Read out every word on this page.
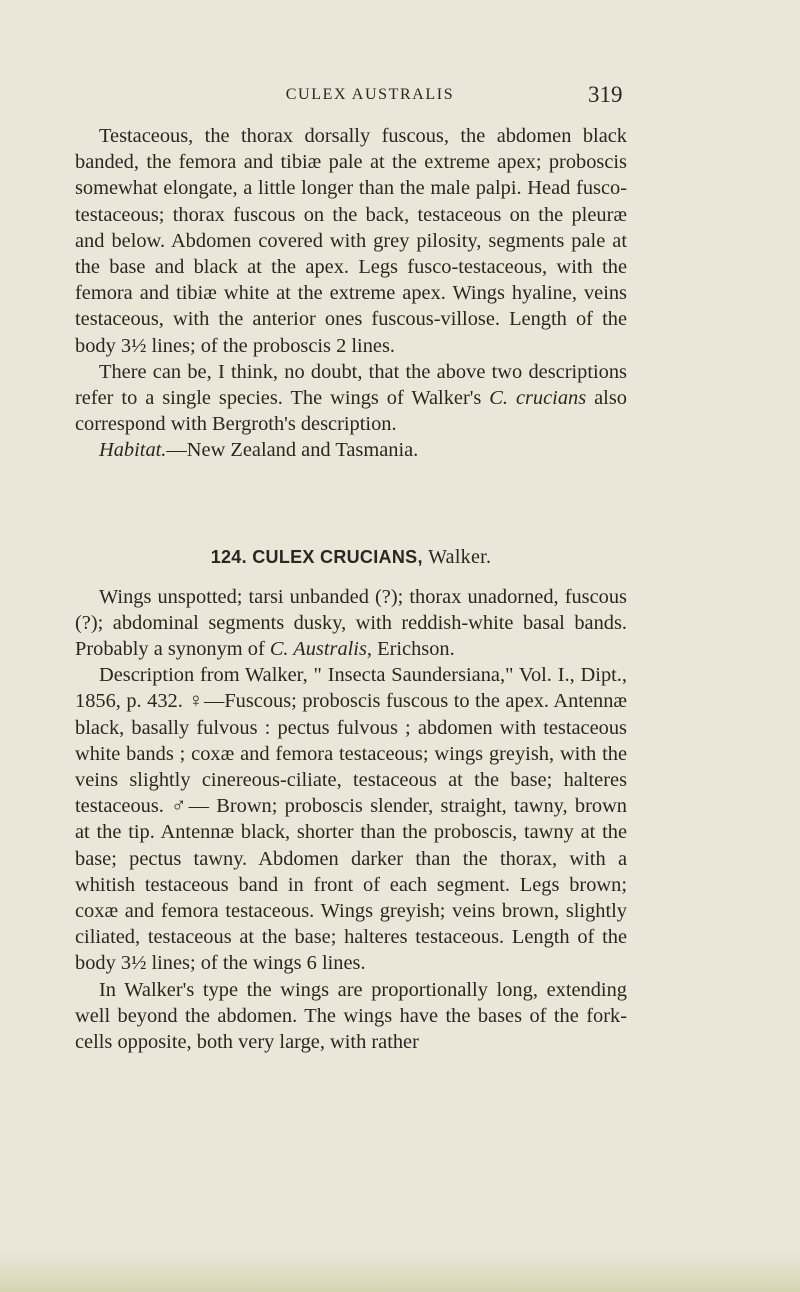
CULEX AUSTRALIS	319

Testaceous, the thorax dorsally fuscous, the abdomen black banded, the femora and tibiæ pale at the extreme apex; proboscis somewhat elongate, a little longer than the male palpi. Head fusco-testaceous; thorax fuscous on the back, testaceous on the pleuræ and below. Abdomen covered with grey pilosity, segments pale at the base and black at the apex. Legs fusco-testaceous, with the femora and tibiæ white at the extreme apex. Wings hyaline, veins testaceous, with the anterior ones fuscous-villose. Length of the body 3½ lines; of the proboscis 2 lines.

There can be, I think, no doubt, that the above two descriptions refer to a single species. The wings of Walker's C. crucians also correspond with Bergroth's description.

Habitat.—New Zealand and Tasmania.

124. CULEX CRUCIANS, Walker.

Wings unspotted; tarsi unbanded (?); thorax unadorned, fuscous (?); abdominal segments dusky, with reddish-white basal bands. Probably a synonym of C. Australis, Erichson.

Description from Walker, " Insecta Saundersiana," Vol. I., Dipt., 1856, p. 432. ♀—Fuscous; proboscis fuscous to the apex. Antennæ black, basally fulvous : pectus fulvous ; abdomen with testaceous white bands ; coxæ and femora testaceous; wings greyish, with the veins slightly cinereous-ciliate, testaceous at the base; halteres testaceous. ♂— Brown; proboscis slender, straight, tawny, brown at the tip. Antennæ black, shorter than the proboscis, tawny at the base; pectus tawny. Abdomen darker than the thorax, with a whitish testaceous band in front of each segment. Legs brown; coxæ and femora testaceous. Wings greyish; veins brown, slightly ciliated, testaceous at the base; halteres testaceous. Length of the body 3½ lines; of the wings 6 lines.

In Walker's type the wings are proportionally long, extending well beyond the abdomen. The wings have the bases of the fork-cells opposite, both very large, with rather
